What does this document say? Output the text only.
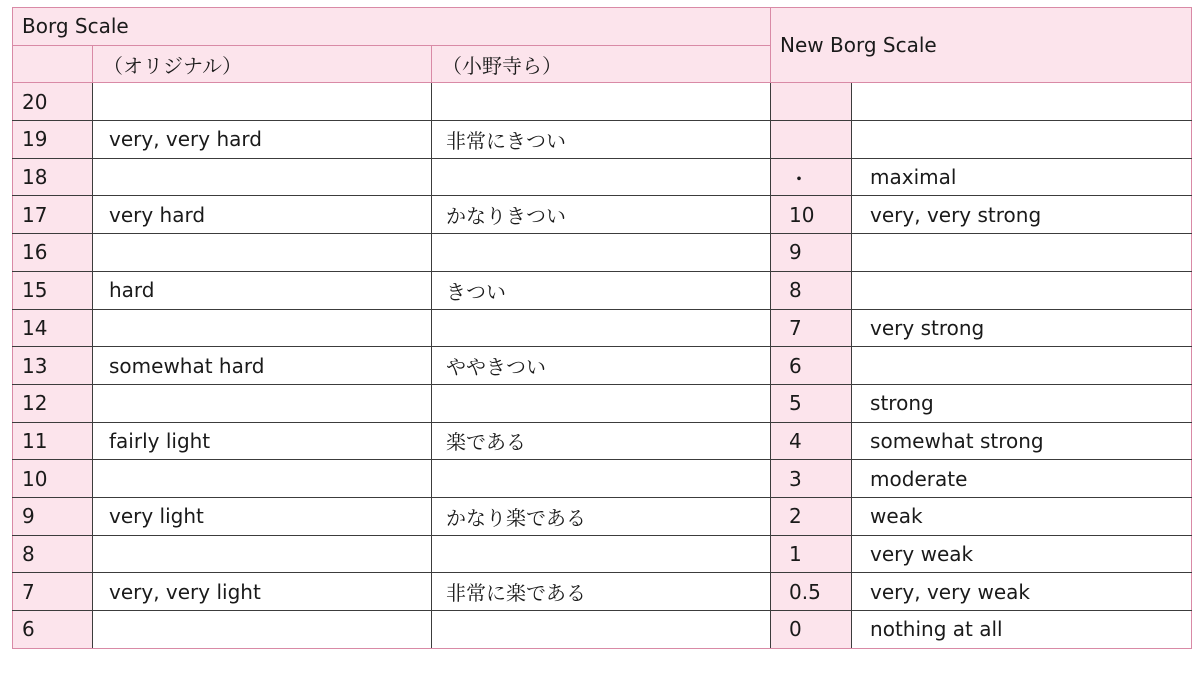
Borg Scale			New Borg Scale	
	（オリジナル）	（小野寺ら）		
20				
19	very, very hard	非常にきつい		
18			・	maximal
17	very hard	かなりきつい	10	very, very strong
16			9	
15	hard	きつい	8	
14			7	very strong
13	somewhat hard	ややきつい	6	
12			5	strong
11	fairly light	楽である	4	somewhat strong
10			3	moderate
9	very light	かなり楽である	2	weak
8			1	very weak
7	very, very light	非常に楽である	0.5	very, very weak
6			0	nothing at all
